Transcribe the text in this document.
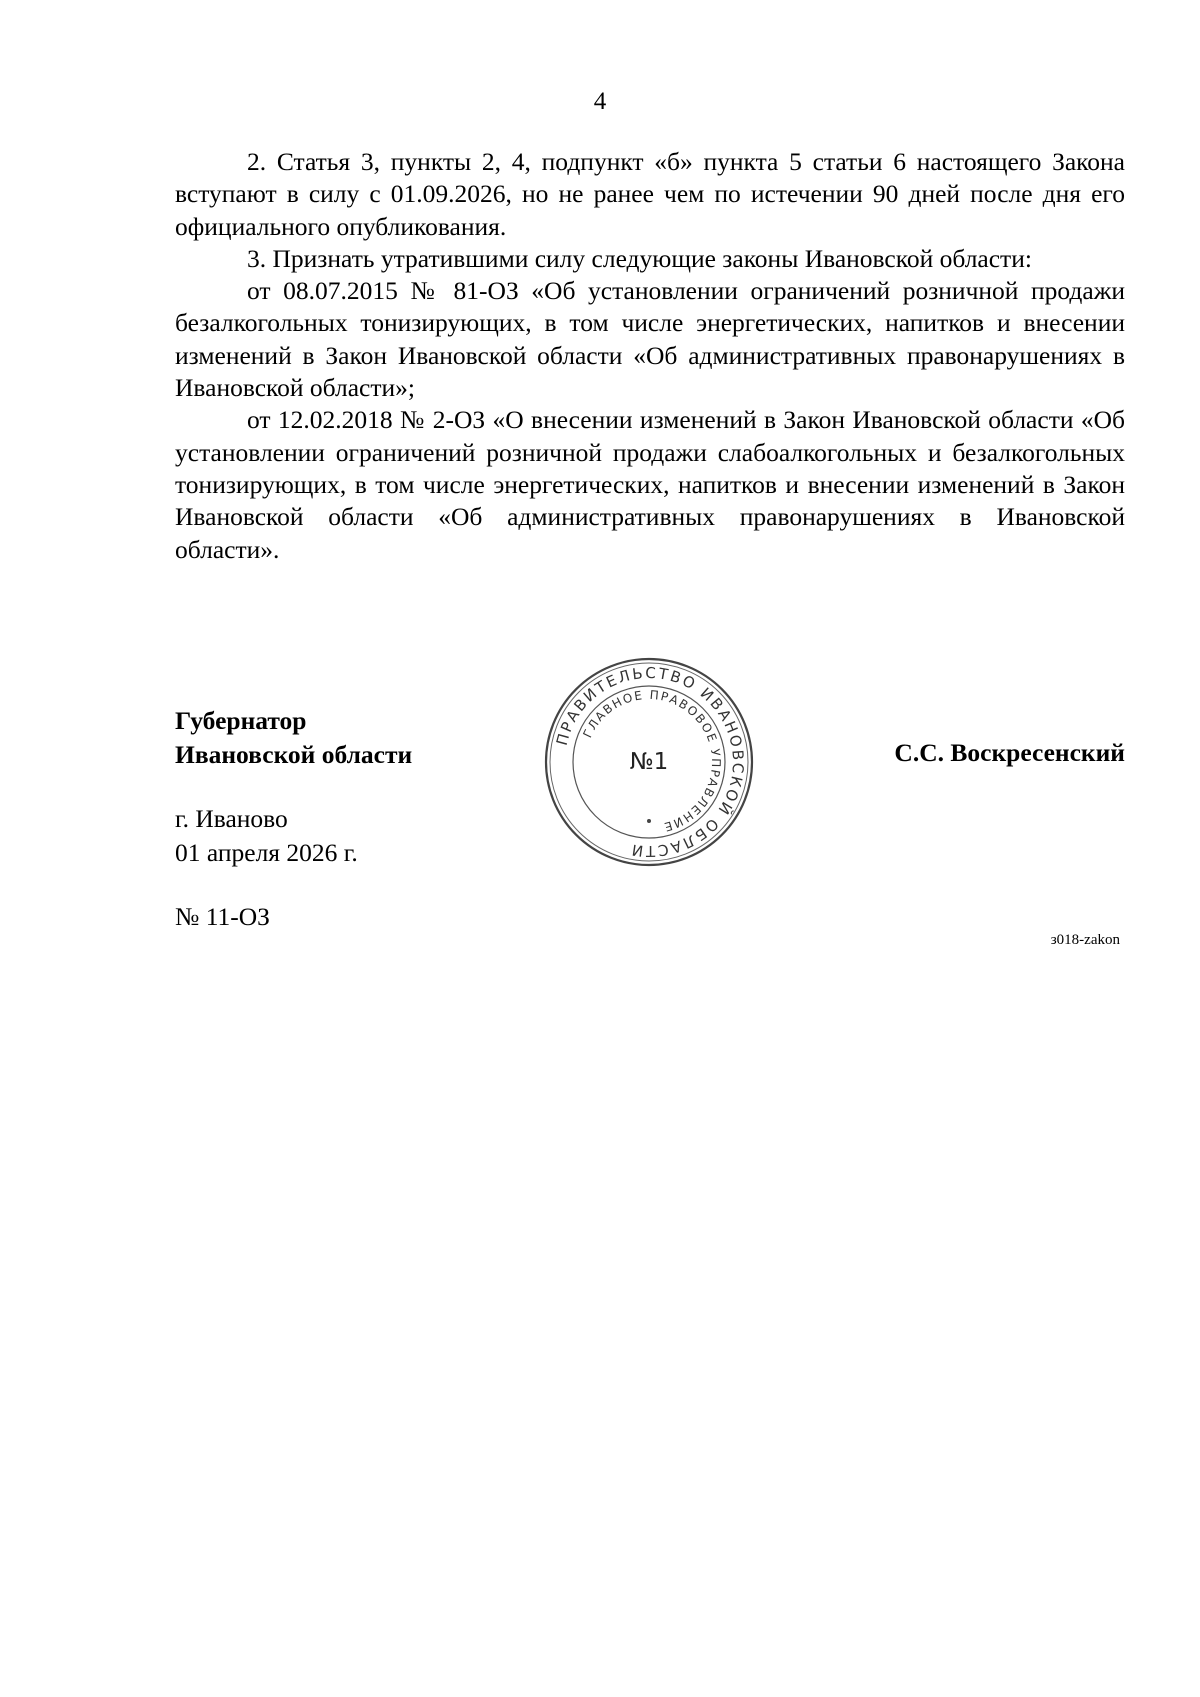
4

2. Статья 3, пункты 2, 4, подпункт «б» пункта 5 статьи 6 настоящего Закона вступают в силу с 01.09.2026, но не ранее чем по истечении 90 дней после дня его официального опубликования.

3. Признать утратившими силу следующие законы Ивановской области:

от 08.07.2015 № 81-ОЗ «Об установлении ограничений розничной продажи безалкогольных тонизирующих, в том числе энергетических, напитков и внесении изменений в Закон Ивановской области «Об административных правонарушениях в Ивановской области»;

от 12.02.2018 № 2-ОЗ «О внесении изменений в Закон Ивановской области «Об установлении ограничений розничной продажи слабоалкогольных и безалкогольных тонизирующих, в том числе энергетических, напитков и внесении изменений в Закон Ивановской области «Об административных правонарушениях в Ивановской области».

Губернатор
Ивановской области
ПРАВИТЕЛЬСТВО ИВАНОВСКОЙ ОБЛАСТИ
ГЛАВНОЕ ПРАВОВОЕ УПРАВЛЕНИЕ
№1	С.С. Воскресенский
г. Иваново
01 апреля 2026 г.
№ 11-ОЗ
з018-zakon
